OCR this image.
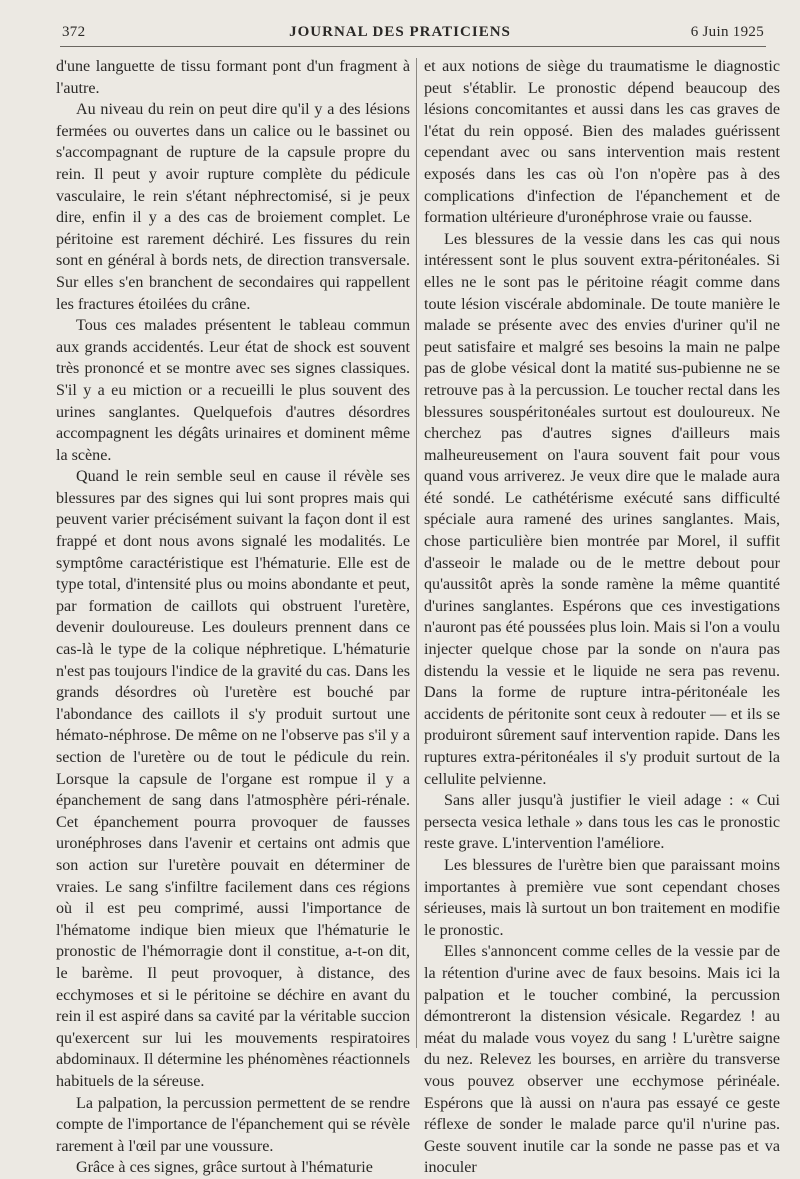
372	JOURNAL DES PRATICIENS	6 Juin 1925

d'une languette de tissu formant pont d'un fragment à l'autre.

Au niveau du rein on peut dire qu'il y a des lésions fermées ou ouvertes dans un calice ou le bassinet ou s'accompagnant de rupture de la capsule propre du rein. Il peut y avoir rupture complète du pédicule vasculaire, le rein s'étant néphrectomisé, si je peux dire, enfin il y a des cas de broiement complet. Le péritoine est rarement déchiré. Les fissures du rein sont en général à bords nets, de direction transversale. Sur elles s'en branchent de secondaires qui rappellent les fractures étoilées du crâne.

Tous ces malades présentent le tableau commun aux grands accidentés. Leur état de shock est souvent très prononcé et se montre avec ses signes classiques. S'il y a eu miction or a recueilli le plus souvent des urines sanglantes. Quelquefois d'autres désordres accompagnent les dégâts urinaires et dominent même la scène.

Quand le rein semble seul en cause il révèle ses blessures par des signes qui lui sont propres mais qui peuvent varier précisément suivant la façon dont il est frappé et dont nous avons signalé les modalités. Le symptôme caractéristique est l'hématurie. Elle est de type total, d'intensité plus ou moins abondante et peut, par formation de caillots qui obstruent l'uretère, devenir douloureuse. Les douleurs prennent dans ce cas-là le type de la colique néphretique. L'hématurie n'est pas toujours l'indice de la gravité du cas. Dans les grands désordres où l'uretère est bouché par l'abondance des caillots il s'y produit surtout une hémato-néphrose. De même on ne l'observe pas s'il y a section de l'uretère ou de tout le pédicule du rein. Lorsque la capsule de l'organe est rompue il y a épanchement de sang dans l'atmosphère péri-rénale. Cet épanchement pourra provoquer de fausses uronéphroses dans l'avenir et certains ont admis que son action sur l'uretère pouvait en déterminer de vraies. Le sang s'infiltre facilement dans ces régions où il est peu comprimé, aussi l'importance de l'hématome indique bien mieux que l'hématurie le pronostic de l'hémorragie dont il constitue, a-t-on dit, le barème. Il peut provoquer, à distance, des ecchymoses et si le péritoine se déchire en avant du rein il est aspiré dans sa cavité par la véritable succion qu'exercent sur lui les mouvements respiratoires abdominaux. Il détermine les phénomènes réactionnels habituels de la séreuse.

La palpation, la percussion permettent de se rendre compte de l'importance de l'épanchement qui se révèle rarement à l'œil par une voussure.

Grâce à ces signes, grâce surtout à l'hématurie

et aux notions de siège du traumatisme le diagnostic peut s'établir. Le pronostic dépend beaucoup des lésions concomitantes et aussi dans les cas graves de l'état du rein opposé. Bien des malades guérissent cependant avec ou sans intervention mais restent exposés dans les cas où l'on n'opère pas à des complications d'infection de l'épanchement et de formation ultérieure d'uronéphrose vraie ou fausse.

Les blessures de la vessie dans les cas qui nous intéressent sont le plus souvent extra-péritonéales. Si elles ne le sont pas le péritoine réagit comme dans toute lésion viscérale abdominale. De toute manière le malade se présente avec des envies d'uriner qu'il ne peut satisfaire et malgré ses besoins la main ne palpe pas de globe vésical dont la matité sus-pubienne ne se retrouve pas à la percussion. Le toucher rectal dans les blessures souspéritonéales surtout est douloureux. Ne cherchez pas d'autres signes d'ailleurs mais malheureusement on l'aura souvent fait pour vous quand vous arriverez. Je veux dire que le malade aura été sondé. Le cathétérisme exécuté sans difficulté spéciale aura ramené des urines sanglantes. Mais, chose particulière bien montrée par Morel, il suffit d'asseoir le malade ou de le mettre debout pour qu'aussitôt après la sonde ramène la même quantité d'urines sanglantes. Espérons que ces investigations n'auront pas été poussées plus loin. Mais si l'on a voulu injecter quelque chose par la sonde on n'aura pas distendu la vessie et le liquide ne sera pas revenu. Dans la forme de rupture intra-péritonéale les accidents de péritonite sont ceux à redouter — et ils se produiront sûrement sauf intervention rapide. Dans les ruptures extra-péritonéales il s'y produit surtout de la cellulite pelvienne.

Sans aller jusqu'à justifier le vieil adage : « Cui persecta vesica lethale » dans tous les cas le pronostic reste grave. L'intervention l'améliore.

Les blessures de l'urètre bien que paraissant moins importantes à première vue sont cependant choses sérieuses, mais là surtout un bon traitement en modifie le pronostic.

Elles s'annoncent comme celles de la vessie par de la rétention d'urine avec de faux besoins. Mais ici la palpation et le toucher combiné, la percussion démontreront la distension vésicale. Regardez ! au méat du malade vous voyez du sang ! L'urètre saigne du nez. Relevez les bourses, en arrière du transverse vous pouvez observer une ecchymose périnéale. Espérons que là aussi on n'aura pas essayé ce geste réflexe de sonder le malade parce qu'il n'urine pas. Geste souvent inutile car la sonde ne passe pas et va inoculer
